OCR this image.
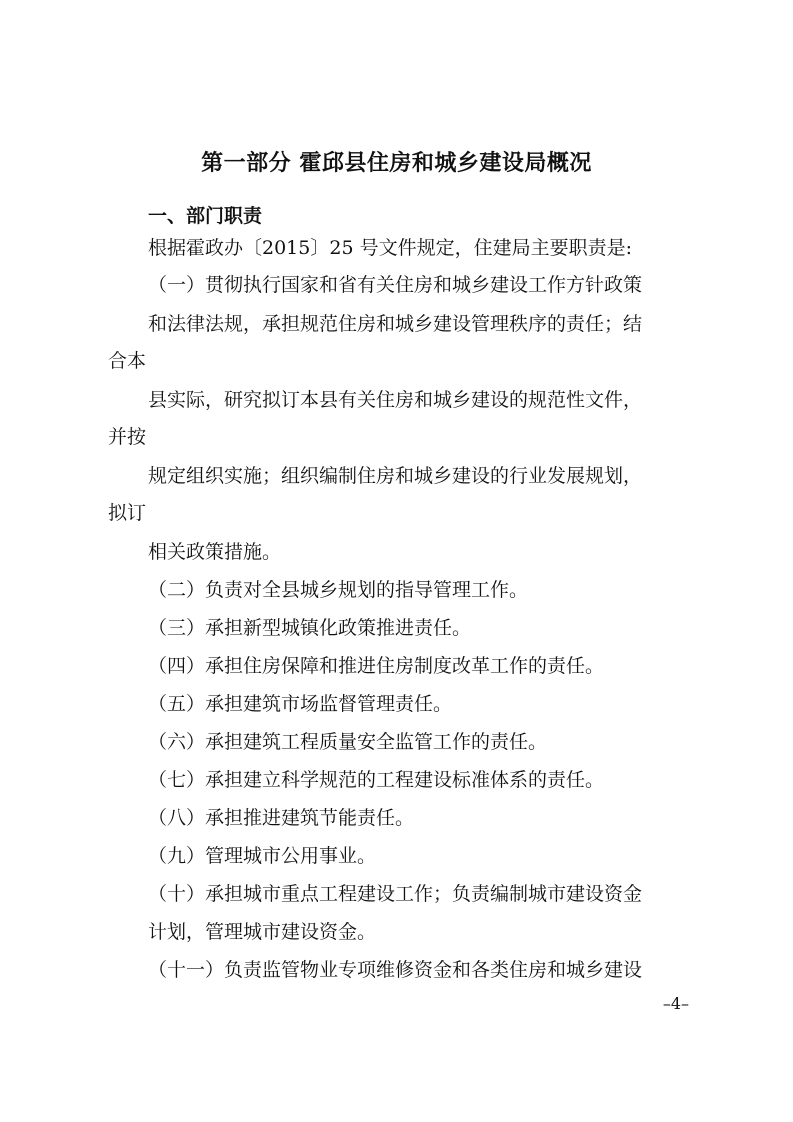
第一部分 霍邱县住房和城乡建设局概况
一、部门职责
根据霍政办〔2015〕25 号文件规定，住建局主要职责是:
（一）贯彻执行国家和省有关住房和城乡建设工作方针政策
和法律法规，承担规范住房和城乡建设管理秩序的责任；结
合本
县实际，研究拟订本县有关住房和城乡建设的规范性文件，
并按
规定组织实施；组织编制住房和城乡建设的行业发展规划，
拟订
相关政策措施。
（二）负责对全县城乡规划的指导管理工作。
（三）承担新型城镇化政策推进责任。
（四）承担住房保障和推进住房制度改革工作的责任。
（五）承担建筑市场监督管理责任。
（六）承担建筑工程质量安全监管工作的责任。
（七）承担建立科学规范的工程建设标准体系的责任。
（八）承担推进建筑节能责任。
（九）管理城市公用事业。
（十）承担城市重点工程建设工作；负责编制城市建设资金
计划，管理城市建设资金。
（十一）负责监管物业专项维修资金和各类住房和城乡建设
–4–
